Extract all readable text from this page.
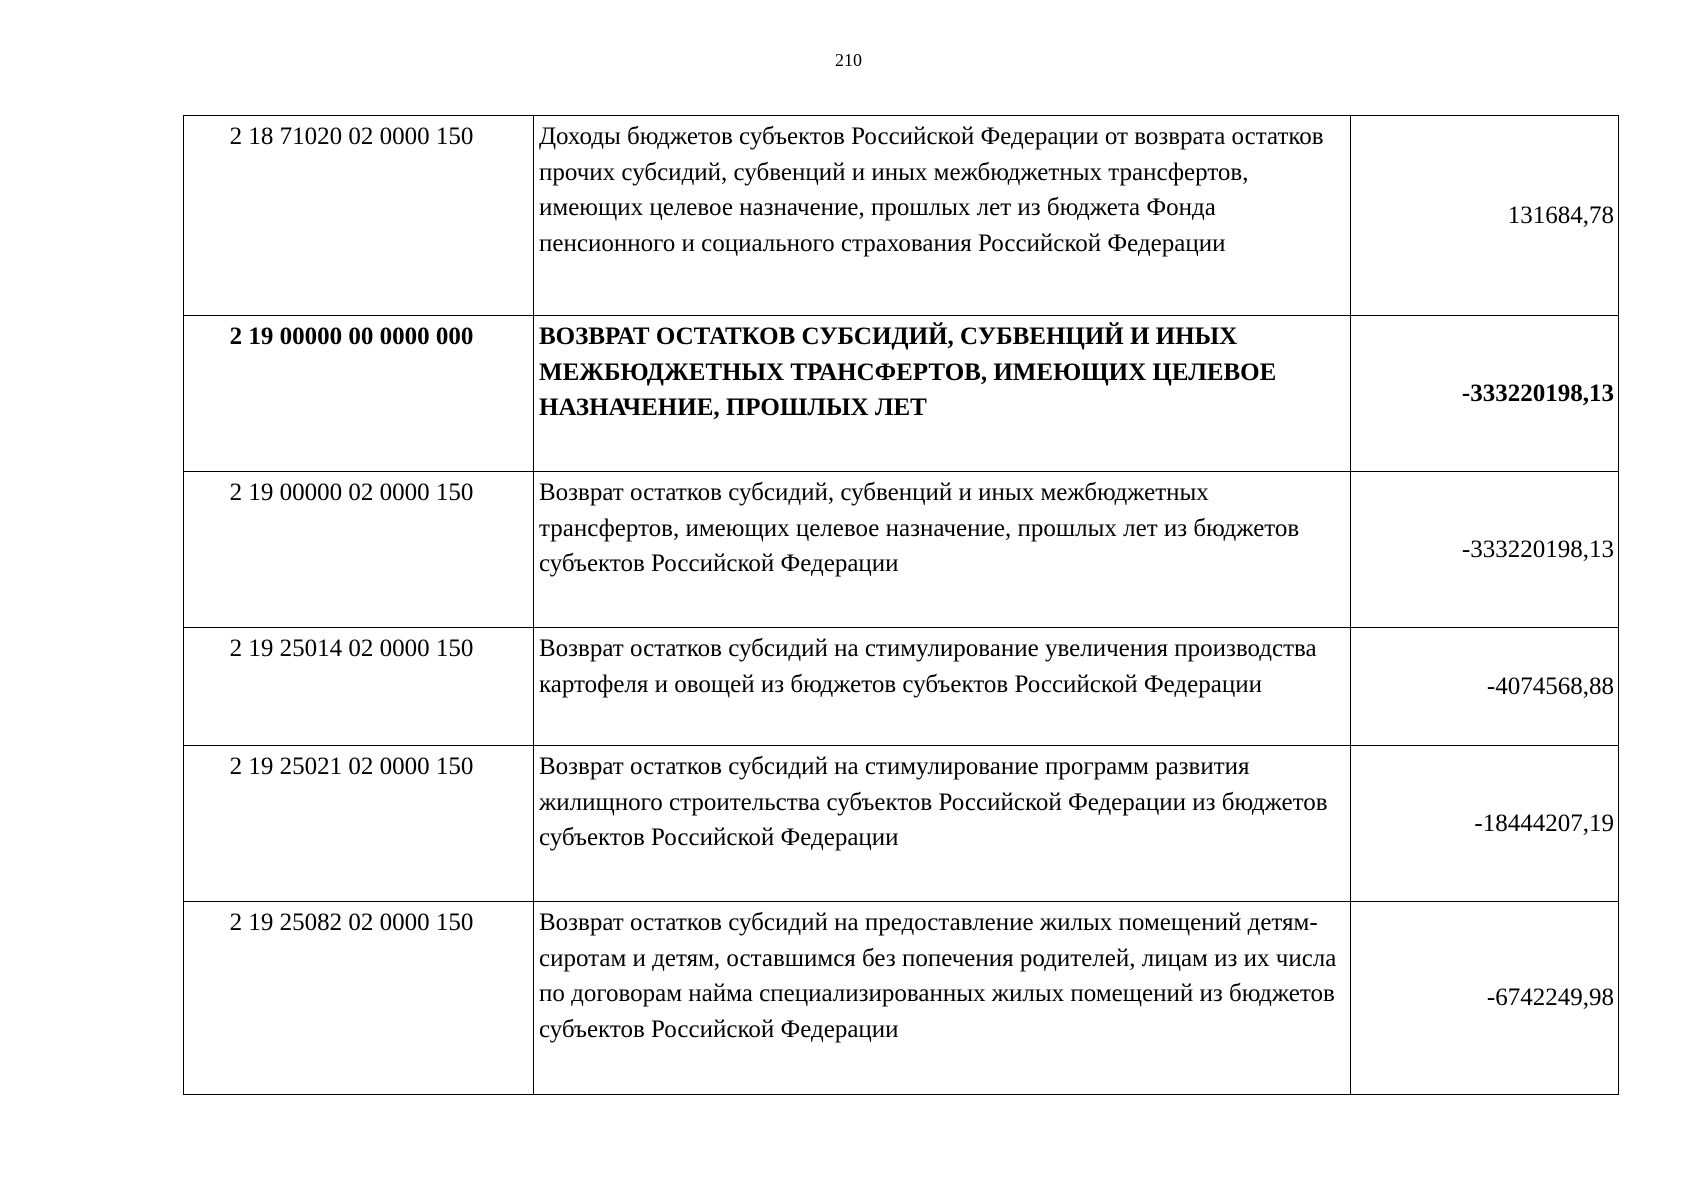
210
2 18 71020 02 0000 150	Доходы бюджетов субъектов Российской Федерации от возврата остатков прочих субсидий, субвенций и иных межбюджетных трансфертов, имеющих целевое назначение, прошлых лет из бюджета Фонда пенсионного и социального страхования Российской Федерации	131684,78
2 19 00000 00 0000 000	ВОЗВРАТ ОСТАТКОВ СУБСИДИЙ, СУБВЕНЦИЙ И ИНЫХ МЕЖБЮДЖЕТНЫХ ТРАНСФЕРТОВ, ИМЕЮЩИХ ЦЕЛЕВОЕ НАЗНАЧЕНИЕ, ПРОШЛЫХ ЛЕТ	-333220198,13
2 19 00000 02 0000 150	Возврат остатков субсидий, субвенций и иных межбюджетных трансфертов, имеющих целевое назначение, прошлых лет из бюджетов субъектов Российской Федерации	-333220198,13
2 19 25014 02 0000 150	Возврат остатков субсидий на стимулирование увеличения производства картофеля и овощей из бюджетов субъектов Российской Федерации	-4074568,88
2 19 25021 02 0000 150	Возврат остатков субсидий на стимулирование программ развития жилищного строительства субъектов Российской Федерации из бюджетов субъектов Российской Федерации	-18444207,19
2 19 25082 02 0000 150	Возврат остатков субсидий на предоставление жилых помещений детям-сиротам и детям, оставшимся без попечения родителей, лицам из их числа по договорам найма специализированных жилых помещений из бюджетов субъектов Российской Федерации	-6742249,98
